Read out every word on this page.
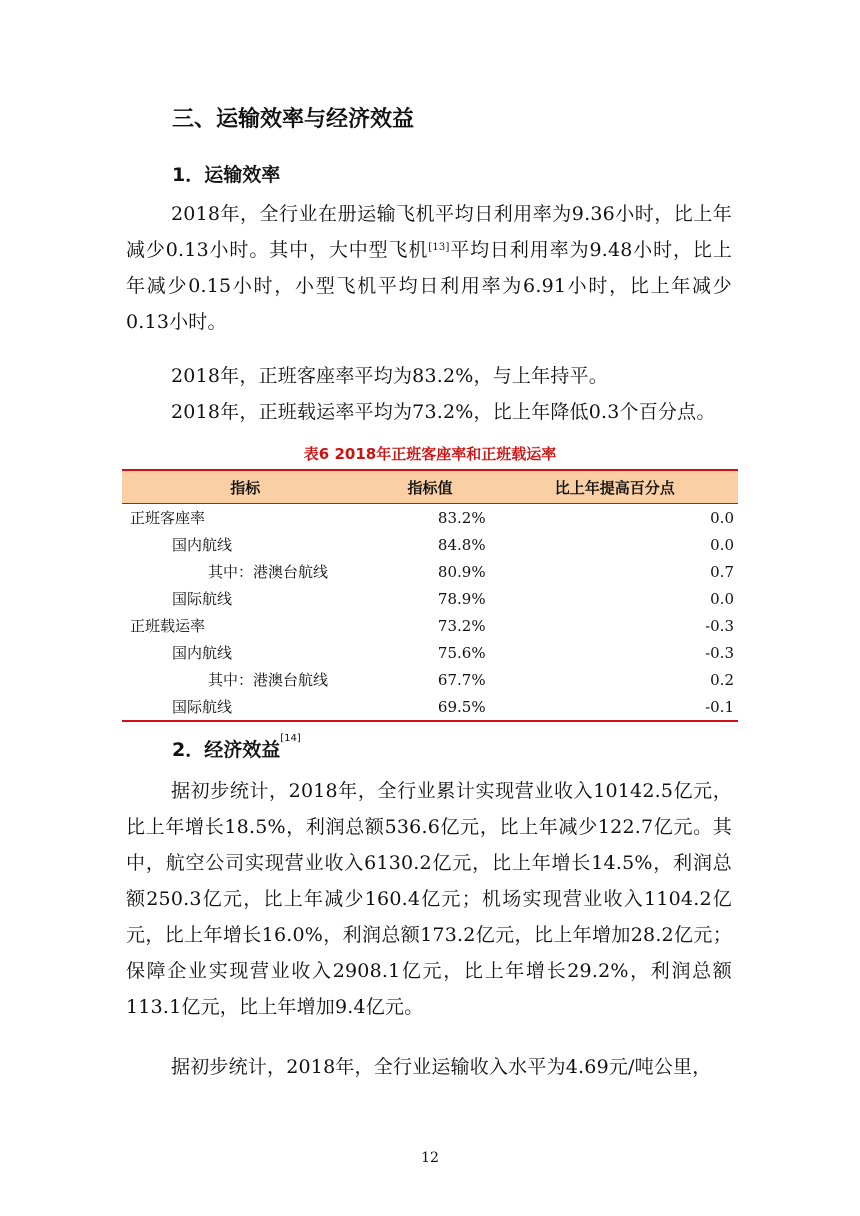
三、运输效率与经济效益
1．运输效率
2018年，全行业在册运输飞机平均日利用率为9.36小时，比上年减少0.13小时。其中，大中型飞机[13]平均日利用率为9.48小时，比上年减少0.15小时，小型飞机平均日利用率为6.91小时，比上年减少0.13小时。
2018年，正班客座率平均为83.2%，与上年持平。
2018年，正班载运率平均为73.2%，比上年降低0.3个百分点。
表6 2018年正班客座率和正班载运率
指标	指标值	比上年提高百分点
正班客座率	83.2%	0.0
国内航线	84.8%	0.0
其中：港澳台航线	80.9%	0.7
国际航线	78.9%	0.0
正班载运率	73.2%	-0.3
国内航线	75.6%	-0.3
其中：港澳台航线	67.7%	0.2
国际航线	69.5%	-0.1
2．经济效益[14]
据初步统计，2018年，全行业累计实现营业收入10142.5亿元，比上年增长18.5%，利润总额536.6亿元，比上年减少122.7亿元。其中，航空公司实现营业收入6130.2亿元，比上年增长14.5%，利润总额250.3亿元，比上年减少160.4亿元；机场实现营业收入1104.2亿元，比上年增长16.0%，利润总额173.2亿元，比上年增加28.2亿元；保障企业实现营业收入2908.1亿元，比上年增长29.2%，利润总额113.1亿元，比上年增加9.4亿元。
据初步统计，2018年，全行业运输收入水平为4.69元/吨公里，
12
